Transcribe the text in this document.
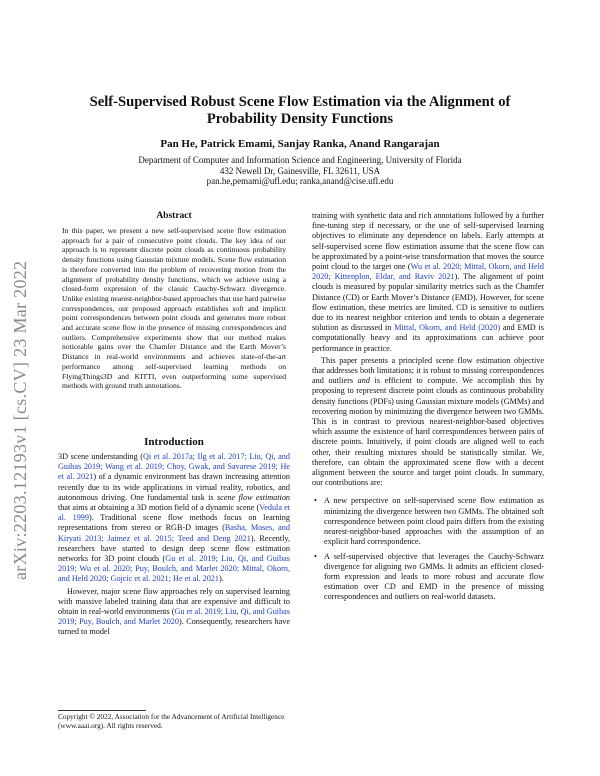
arXiv:2203.12193v1 [cs.CV] 23 Mar 2022
Self-Supervised Robust Scene Flow Estimation via the Alignment of
Probability Density Functions
Pan He, Patrick Emami, Sanjay Ranka, Anand Rangarajan
Department of Computer and Information Science and Engineering, University of Florida
432 Newell Dr, Gainesville, FL 32611, USA
pan.he,pemami@ufl.edu; ranka,anand@cise.ufl.edu
Abstract
In this paper, we present a new self-supervised scene flow estimation approach for a pair of consecutive point clouds. The key idea of our approach is to represent discrete point clouds as continuous probability density functions using Gaussian mixture models. Scene flow estimation is therefore converted into the problem of recovering motion from the alignment of probability density functions, which we achieve using a closed-form expression of the classic Cauchy-Schwarz divergence. Unlike existing nearest-neighbor-based approaches that use hard pairwise correspondences, our proposed approach establishes soft and implicit point correspondences between point clouds and generates more robust and accurate scene flow in the presence of missing correspondences and outliers. Comprehensive experiments show that our method makes noticeable gains over the Chamfer Distance and the Earth Mover’s Distance in real-world environments and achieves state-of-the-art performance among self-supervised learning methods on FlyingThings3D and KITTI, even outperforming some supervised methods with ground truth annotations.
Introduction

3D scene understanding (Qi et al. 2017a; Ilg et al. 2017; Liu, Qi, and Guibas 2019; Wang et al. 2019; Choy, Gwak, and Savarese 2019; He et al. 2021) of a dynamic environment has drawn increasing attention recently due to its wide applications in virtual reality, robotics, and autonomous driving. One fundamental task is scene flow estimation that aims at obtaining a 3D motion field of a dynamic scene (Vedula et al. 1999). Traditional scene flow methods focus on learning representations from stereo or RGB-D images (Basha, Moses, and Kiryati 2013; Jaimez et al. 2015; Teed and Deng 2021). Recently, researchers have started to design deep scene flow estimation networks for 3D point clouds (Gu et al. 2019; Liu, Qi, and Guibas 2019; Wu et al. 2020; Puy, Boulch, and Marlet 2020; Mittal, Okorn, and Held 2020; Gojcic et al. 2021; He et al. 2021).

However, major scene flow approaches rely on supervised learning with massive labeled training data that are expensive and difficult to obtain in real-world environments (Gu et al. 2019; Liu, Qi, and Guibas 2019; Puy, Boulch, and Marlet 2020). Consequently, researchers have turned to model

Copyright © 2022, Association for the Advancement of Artificial Intelligence (www.aaai.org). All rights reserved.

training with synthetic data and rich annotations followed by a further fine-tuning step if necessary, or the use of self-supervised learning objectives to eliminate any dependence on labels. Early attempts at self-supervised scene flow estimation assume that the scene flow can be approximated by a point-wise transformation that moves the source point cloud to the target one (Wu et al. 2020; Mittal, Okorn, and Held 2020; Kittenplon, Eldar, and Raviv 2021). The alignment of point clouds is measured by popular similarity metrics such as the Chamfer Distance (CD) or Earth Mover’s Distance (EMD). However, for scene flow estimation, these metrics are limited. CD is sensitive to outliers due to its nearest neighbor criterion and tends to obtain a degenerate solution as discussed in Mittal, Okorn, and Held (2020) and EMD is computationally heavy and its approximations can achieve poor performance in practice.

This paper presents a principled scene flow estimation objective that addresses both limitations; it is robust to missing correspondences and outliers and is efficient to compute. We accomplish this by proposing to represent discrete point clouds as continuous probability density functions (PDFs) using Gaussian mixture models (GMMs) and recovering motion by minimizing the divergence between two GMMs. This is in contrast to previous nearest-neighbor-based objectives which assume the existence of hard correspondences between pairs of discrete points. Intuitively, if point clouds are aligned well to each other, their resulting mixtures should be statistically similar. We, therefore, can obtain the approximated scene flow with a decent alignment between the source and target point clouds. In summary, our contributions are:

• A new perspective on self-supervised scene flow estimation as minimizing the divergence between two GMMs. The obtained soft correspondence between point cloud pairs differs from the existing nearest-neighbor-based approaches with the assumption of an explicit hard correspondence.
• A self-supervised objective that leverages the Cauchy-Schwarz divergence for aligning two GMMs. It admits an efficient closed-form expression and leads to more robust and accurate flow estimation over CD and EMD in the presence of missing correspondences and outliers on real-world datasets.
